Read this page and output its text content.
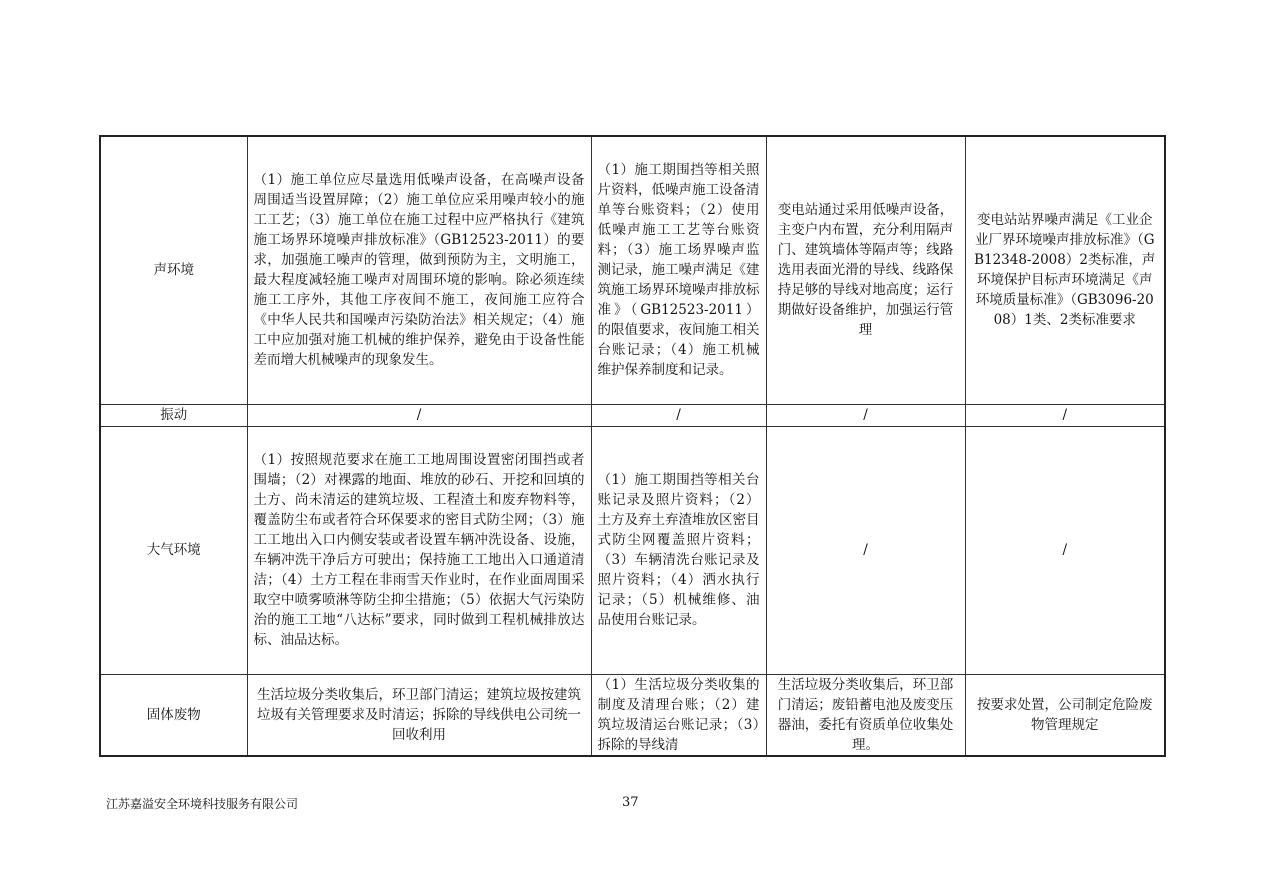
声环境	（1）施工单位应尽量选用低噪声设备，在高噪声设备周围适当设置屏障；（2）施工单位应采用噪声较小的施工工艺；（3）施工单位在施工过程中应严格执行《建筑施工场界环境噪声排放标准》（GB12523-2011）的要求，加强施工噪声的管理，做到预防为主，文明施工，最大程度减轻施工噪声对周围环境的影响。除必须连续施工工序外，其他工序夜间不施工，夜间施工应符合《中华人民共和国噪声污染防治法》相关规定；（4）施工中应加强对施工机械的维护保养，避免由于设备性能差而增大机械噪声的现象发生。	（1）施工期围挡等相关照片资料，低噪声施工设备清单等台账资料；（2）使用低噪声施工工艺等台账资料；（3）施工场界噪声监测记录，施工噪声满足《建筑施工场界环境噪声排放标准》（GB12523-2011）的限值要求，夜间施工相关台账记录；（4）施工机械维护保养制度和记录。	变电站通过采用低噪声设备，主变户内布置，充分利用隔声门、建筑墙体等隔声等；线路选用表面光滑的导线、线路保持足够的导线对地高度；运行期做好设备维护，加强运行管理	变电站站界噪声满足《工业企业厂界环境噪声排放标准》（GB12348-2008）2类标准，声环境保护目标声环境满足《声环境质量标准》（GB3096-2008）1类、2类标准要求
振动	/	/	/	/
大气环境	（1）按照规范要求在施工工地周围设置密闭围挡或者围墙；（2）对裸露的地面、堆放的砂石、开挖和回填的土方、尚未清运的建筑垃圾、工程渣土和废弃物料等，覆盖防尘布或者符合环保要求的密目式防尘网；（3）施工工地出入口内侧安装或者设置车辆冲洗设备、设施，车辆冲洗干净后方可驶出；保持施工工地出入口通道清洁；（4）土方工程在非雨雪天作业时，在作业面周围采取空中喷雾喷淋等防尘抑尘措施；（5）依据大气污染防治的施工工地“八达标”要求，同时做到工程机械排放达标、油品达标。	（1）施工期围挡等相关台账记录及照片资料；（2）土方及弃土弃渣堆放区密目式防尘网覆盖照片资料；（3）车辆清洗台账记录及照片资料；（4）洒水执行记录；（5）机械维修、油品使用台账记录。	/	/
固体废物	生活垃圾分类收集后，环卫部门清运；建筑垃圾按建筑垃圾有关管理要求及时清运；拆除的导线供电公司统一回收利用	（1）生活垃圾分类收集的制度及清理台账；（2）建筑垃圾清运台账记录；（3）拆除的导线清	生活垃圾分类收集后，环卫部门清运；废铅蓄电池及废变压器油，委托有资质单位收集处理。	按要求处置，公司制定危险废物管理规定
江苏嘉溢安全环境科技服务有限公司	37
